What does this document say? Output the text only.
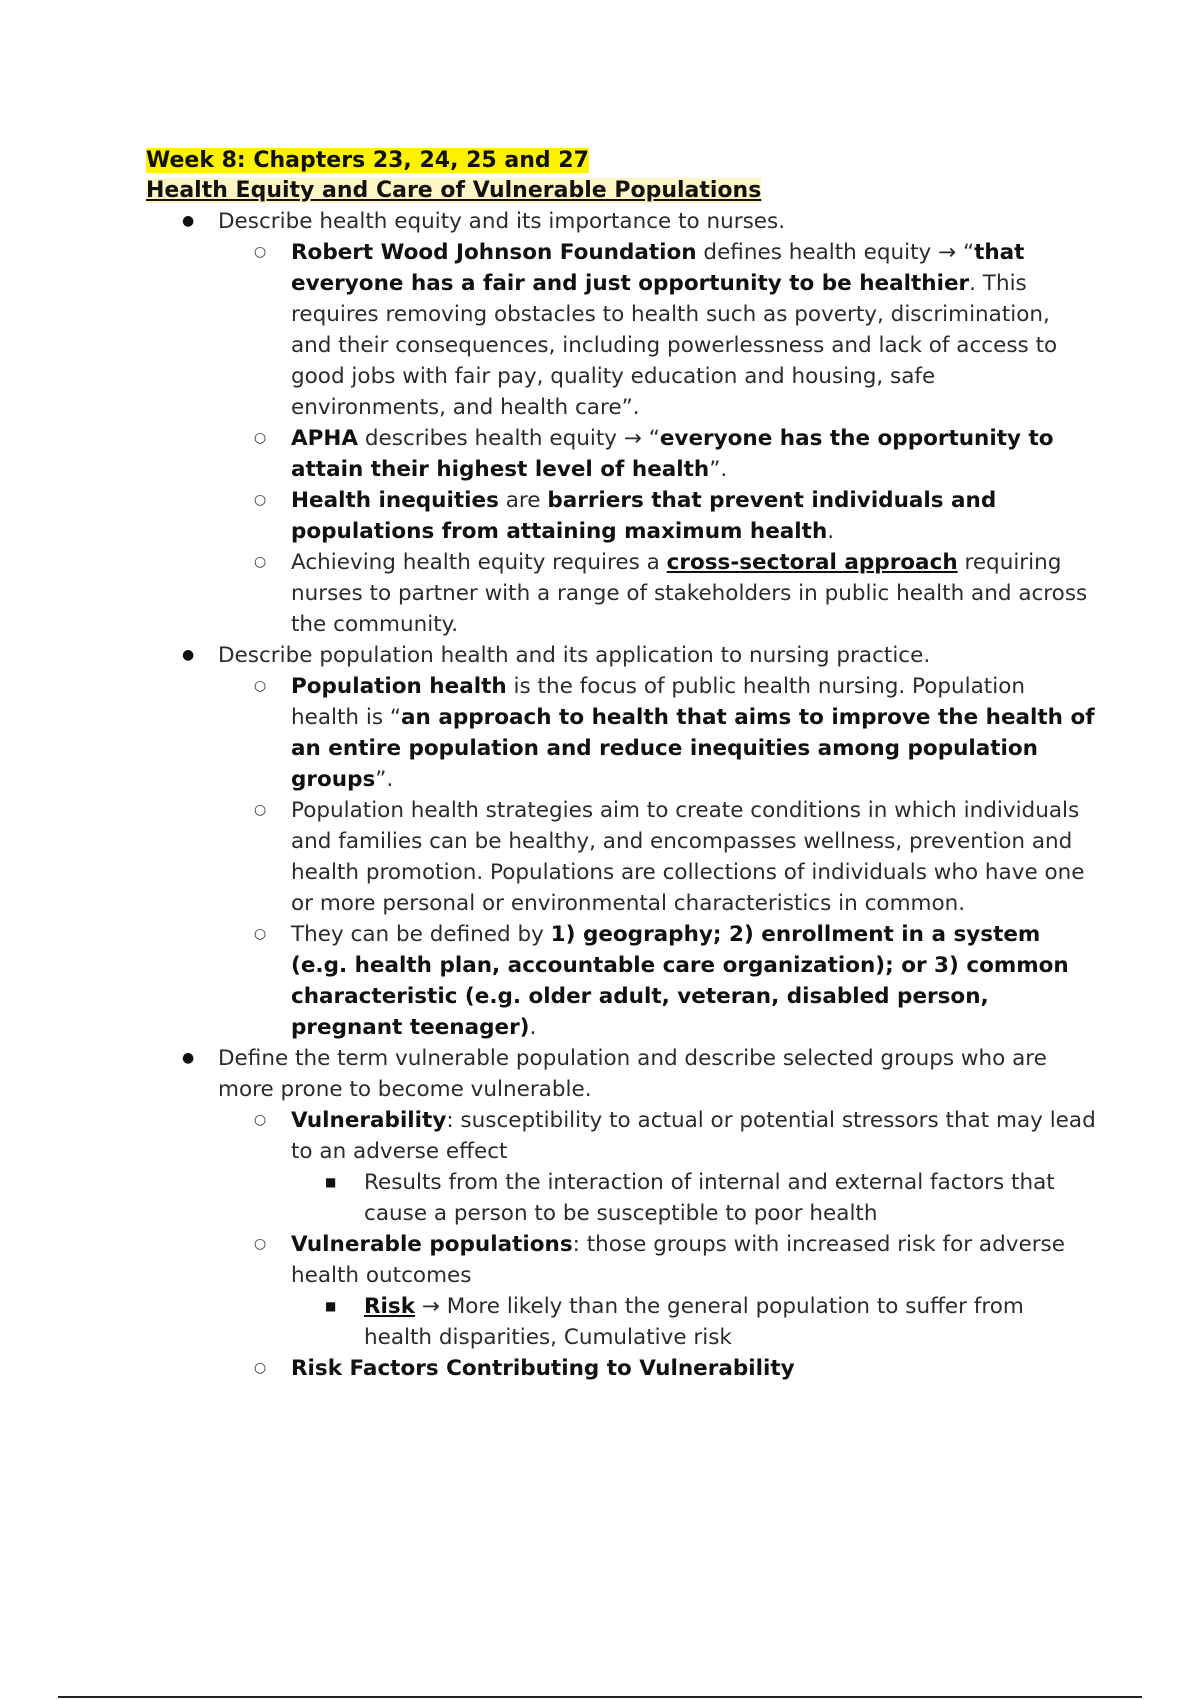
Week 8: Chapters 23, 24, 25 and 27
Health Equity and Care of Vulnerable Populations
● Describe health equity and its importance to nurses.
○ Robert Wood Johnson Foundation defines health equity → “that everyone has a fair and just opportunity to be healthier. This requires removing obstacles to health such as poverty, discrimination, and their consequences, including powerlessness and lack of access to good jobs with fair pay, quality education and housing, safe environments, and health care”.
○ APHA describes health equity → “everyone has the opportunity to attain their highest level of health”.
○ Health inequities are barriers that prevent individuals and populations from attaining maximum health.
○ Achieving health equity requires a cross-sectoral approach requiring nurses to partner with a range of stakeholders in public health and across the community.
● Describe population health and its application to nursing practice.
○ Population health is the focus of public health nursing. Population health is “an approach to health that aims to improve the health of an entire population and reduce inequities among population groups”.
○ Population health strategies aim to create conditions in which individuals and families can be healthy, and encompasses wellness, prevention and health promotion. Populations are collections of individuals who have one or more personal or environmental characteristics in common.
○ They can be defined by 1) geography; 2) enrollment in a system (e.g. health plan, accountable care organization); or 3) common characteristic (e.g. older adult, veteran, disabled person, pregnant teenager).
● Define the term vulnerable population and describe selected groups who are more prone to become vulnerable.
○ Vulnerability: susceptibility to actual or potential stressors that may lead to an adverse effect
■ Results from the interaction of internal and external factors that cause a person to be susceptible to poor health
○ Vulnerable populations: those groups with increased risk for adverse health outcomes
■ Risk → More likely than the general population to suffer from health disparities, Cumulative risk
○ Risk Factors Contributing to Vulnerability
